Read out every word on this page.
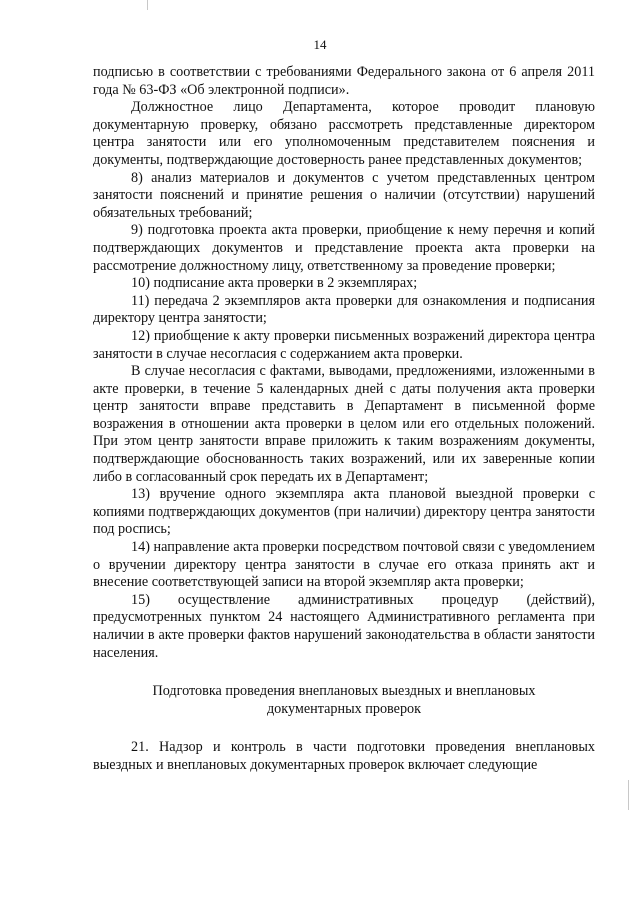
14

подписью в соответствии с требованиями Федерального закона от 6 апреля 2011 года № 63-ФЗ «Об электронной подписи».

Должностное лицо Департамента, которое проводит плановую документарную проверку, обязано рассмотреть представленные директором центра занятости или его уполномоченным представителем пояснения и документы, подтверждающие достоверность ранее представленных документов;

8) анализ материалов и документов с учетом представленных центром занятости пояснений и принятие решения о наличии (отсутствии) нарушений обязательных требований;

9) подготовка проекта акта проверки, приобщение к нему перечня и копий подтверждающих документов и представление проекта акта проверки на рассмотрение должностному лицу, ответственному за проведение проверки;

10) подписание акта проверки в 2 экземплярах;

11) передача 2 экземпляров акта проверки для ознакомления и подписания директору центра занятости;

12) приобщение к акту проверки письменных возражений директора центра занятости в случае несогласия с содержанием акта проверки.

В случае несогласия с фактами, выводами, предложениями, изложенными в акте проверки, в течение 5 календарных дней с даты получения акта проверки центр занятости вправе представить в Департамент в письменной форме возражения в отношении акта проверки в целом или его отдельных положений. При этом центр занятости вправе приложить к таким возражениям документы, подтверждающие обоснованность таких возражений, или их заверенные копии либо в согласованный срок передать их в Департамент;

13) вручение одного экземпляра акта плановой выездной проверки с копиями подтверждающих документов (при наличии) директору центра занятости под роспись;

14) направление акта проверки посредством почтовой связи с уведомлением о вручении директору центра занятости в случае его отказа принять акт и внесение соответствующей записи на второй экземпляр акта проверки;

15) осуществление административных процедур (действий), предусмотренных пунктом 24 настоящего Административного регламента при наличии в акте проверки фактов нарушений законодательства в области занятости населения.

Подготовка проведения внеплановых выездных и внеплановых документарных проверок

21. Надзор и контроль в части подготовки проведения внеплановых выездных и внеплановых документарных проверок включает следующие
